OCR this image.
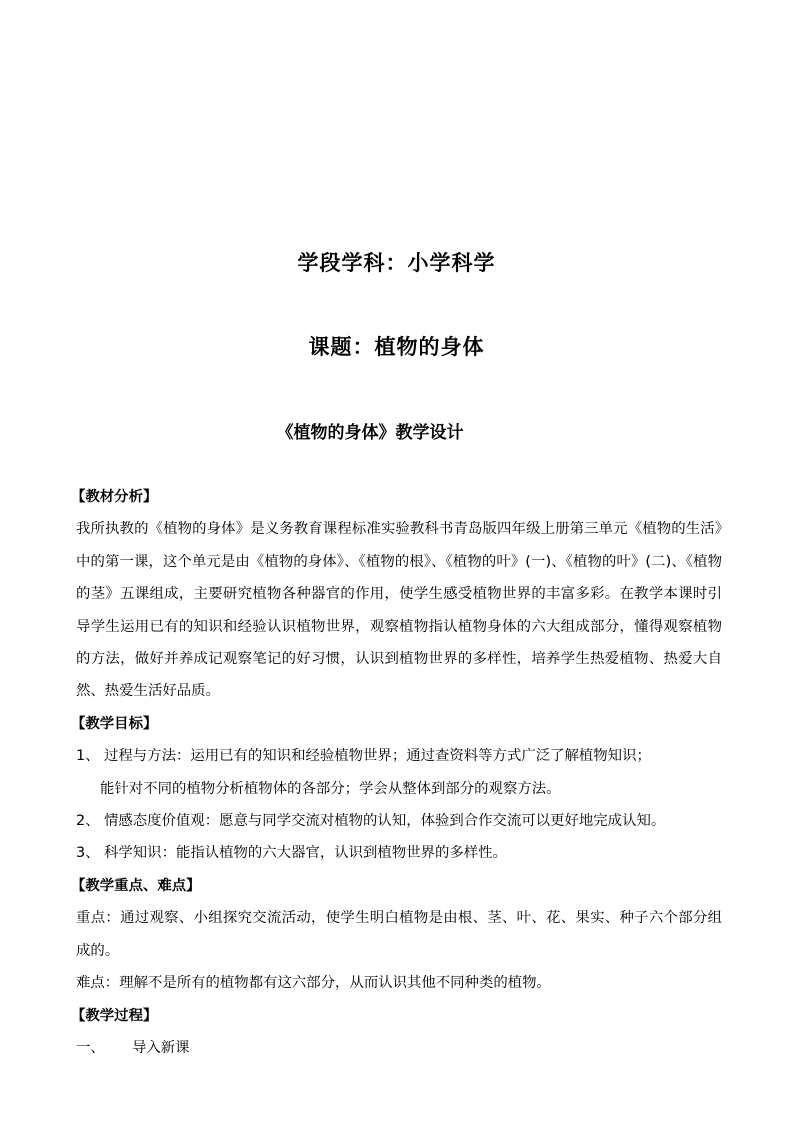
学段学科：小学科学
课题：植物的身体
《植物的身体》教学设计
【教材分析】
我所执教的《植物的身体》是义务教育课程标准实验教科书青岛版四年级上册第三单元《植物的生活》中的第一课，这个单元是由《植物的身体》、《植物的根》、《植物的叶》(一)、《植物的叶》(二)、《植物的茎》五课组成，主要研究植物各种器官的作用，使学生感受植物世界的丰富多彩。在教学本课时引导学生运用已有的知识和经验认识植物世界，观察植物指认植物身体的六大组成部分，懂得观察植物的方法，做好并养成记观察笔记的好习惯，认识到植物世界的多样性，培养学生热爱植物、热爱大自然、热爱生活好品质。
【教学目标】
1、 过程与方法：运用已有的知识和经验植物世界；通过查资料等方式广泛了解植物知识；
能针对不同的植物分析植物体的各部分；学会从整体到部分的观察方法。
2、 情感态度价值观：愿意与同学交流对植物的认知，体验到合作交流可以更好地完成认知。
3、 科学知识：能指认植物的六大器官，认识到植物世界的多样性。
【教学重点、难点】
重点：通过观察、小组探究交流活动，使学生明白植物是由根、茎、叶、花、果实、种子六个部分组成的。
难点：理解不是所有的植物都有这六部分，从而认识其他不同种类的植物。
【教学过程】
一、	导入新课
